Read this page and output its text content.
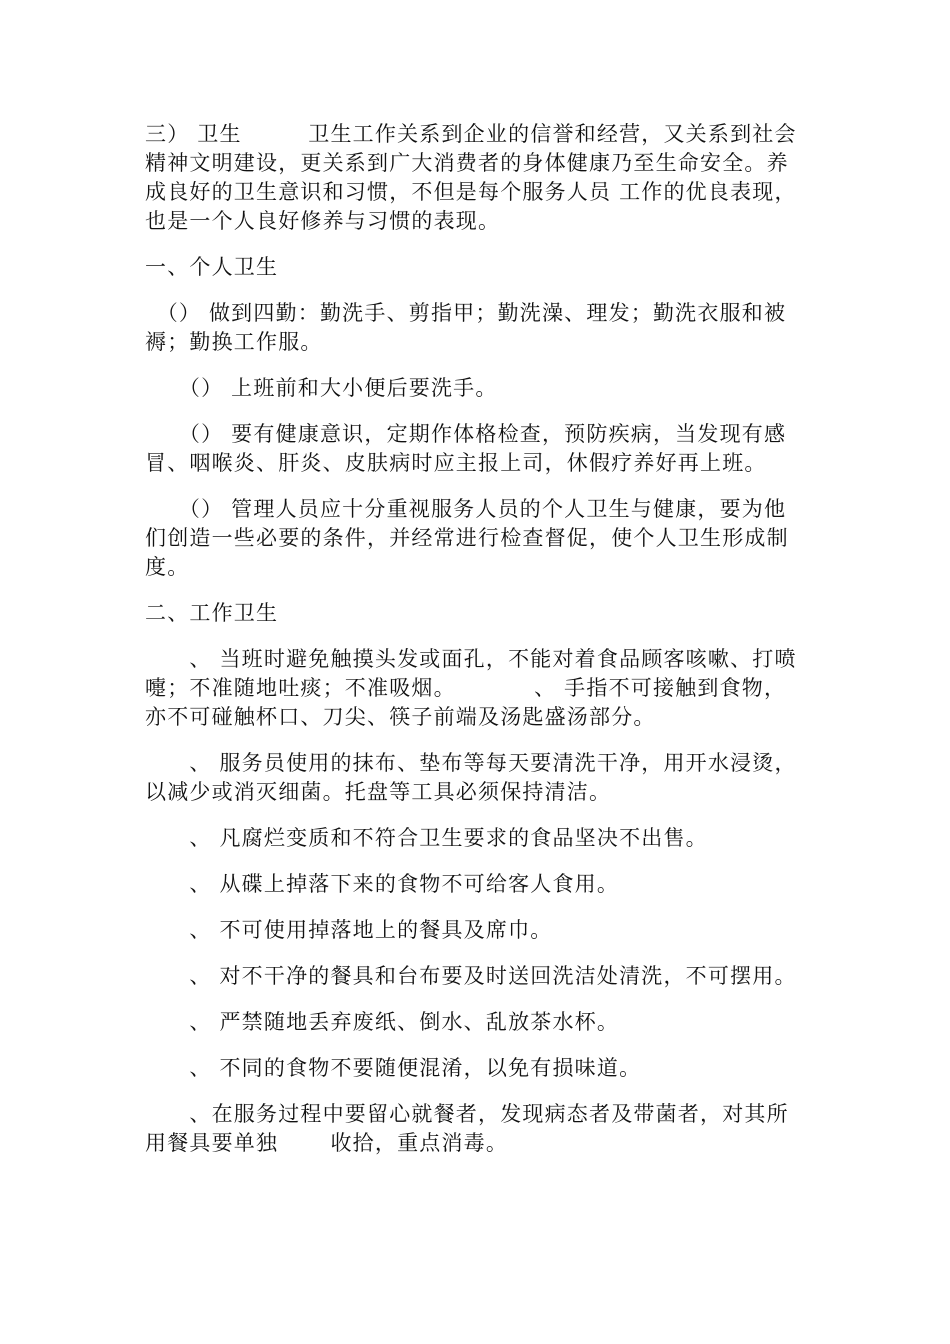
三） 卫生　　　卫生工作关系到企业的信誉和经营，又关系到社会精神文明建设，更关系到广大消费者的身体健康乃至生命安全。养成良好的卫生意识和习惯，不但是每个服务人员 工作的优良表现，也是一个人良好修养与习惯的表现。

一、个人卫生

　（） 做到四勤：勤洗手、剪指甲；勤洗澡、理发；勤洗衣服和被褥；勤换工作服。

　　（） 上班前和大小便后要洗手。

　　（） 要有健康意识，定期作体格检查，预防疾病，当发现有感冒、咽喉炎、肝炎、皮肤病时应主报上司，休假疗养好再上班。

　　（） 管理人员应十分重视服务人员的个人卫生与健康，要为他们创造一些必要的条件，并经常进行检查督促，使个人卫生形成制度。

二、工作卫生

　　、 当班时避免触摸头发或面孔，不能对着食品顾客咳嗽、打喷嚏；不准随地吐痰；不准吸烟。　　　　、 手指不可接触到食物，亦不可碰触杯口、刀尖、筷子前端及汤匙盛汤部分。

　　、 服务员使用的抹布、垫布等每天要清洗干净，用开水浸烫，以减少或消灭细菌。托盘等工具必须保持清洁。

　　、 凡腐烂变质和不符合卫生要求的食品坚决不出售。

　　、 从碟上掉落下来的食物不可给客人食用。

　　、 不可使用掉落地上的餐具及席巾。

　　、 对不干净的餐具和台布要及时送回洗洁处清洗，不可摆用。

　　、 严禁随地丢弃废纸、倒水、乱放茶水杯。

　　、 不同的食物不要随便混淆，以免有损味道。

　　、在服务过程中要留心就餐者，发现病态者及带菌者，对其所用餐具要单独　　 收拾，重点消毒。
